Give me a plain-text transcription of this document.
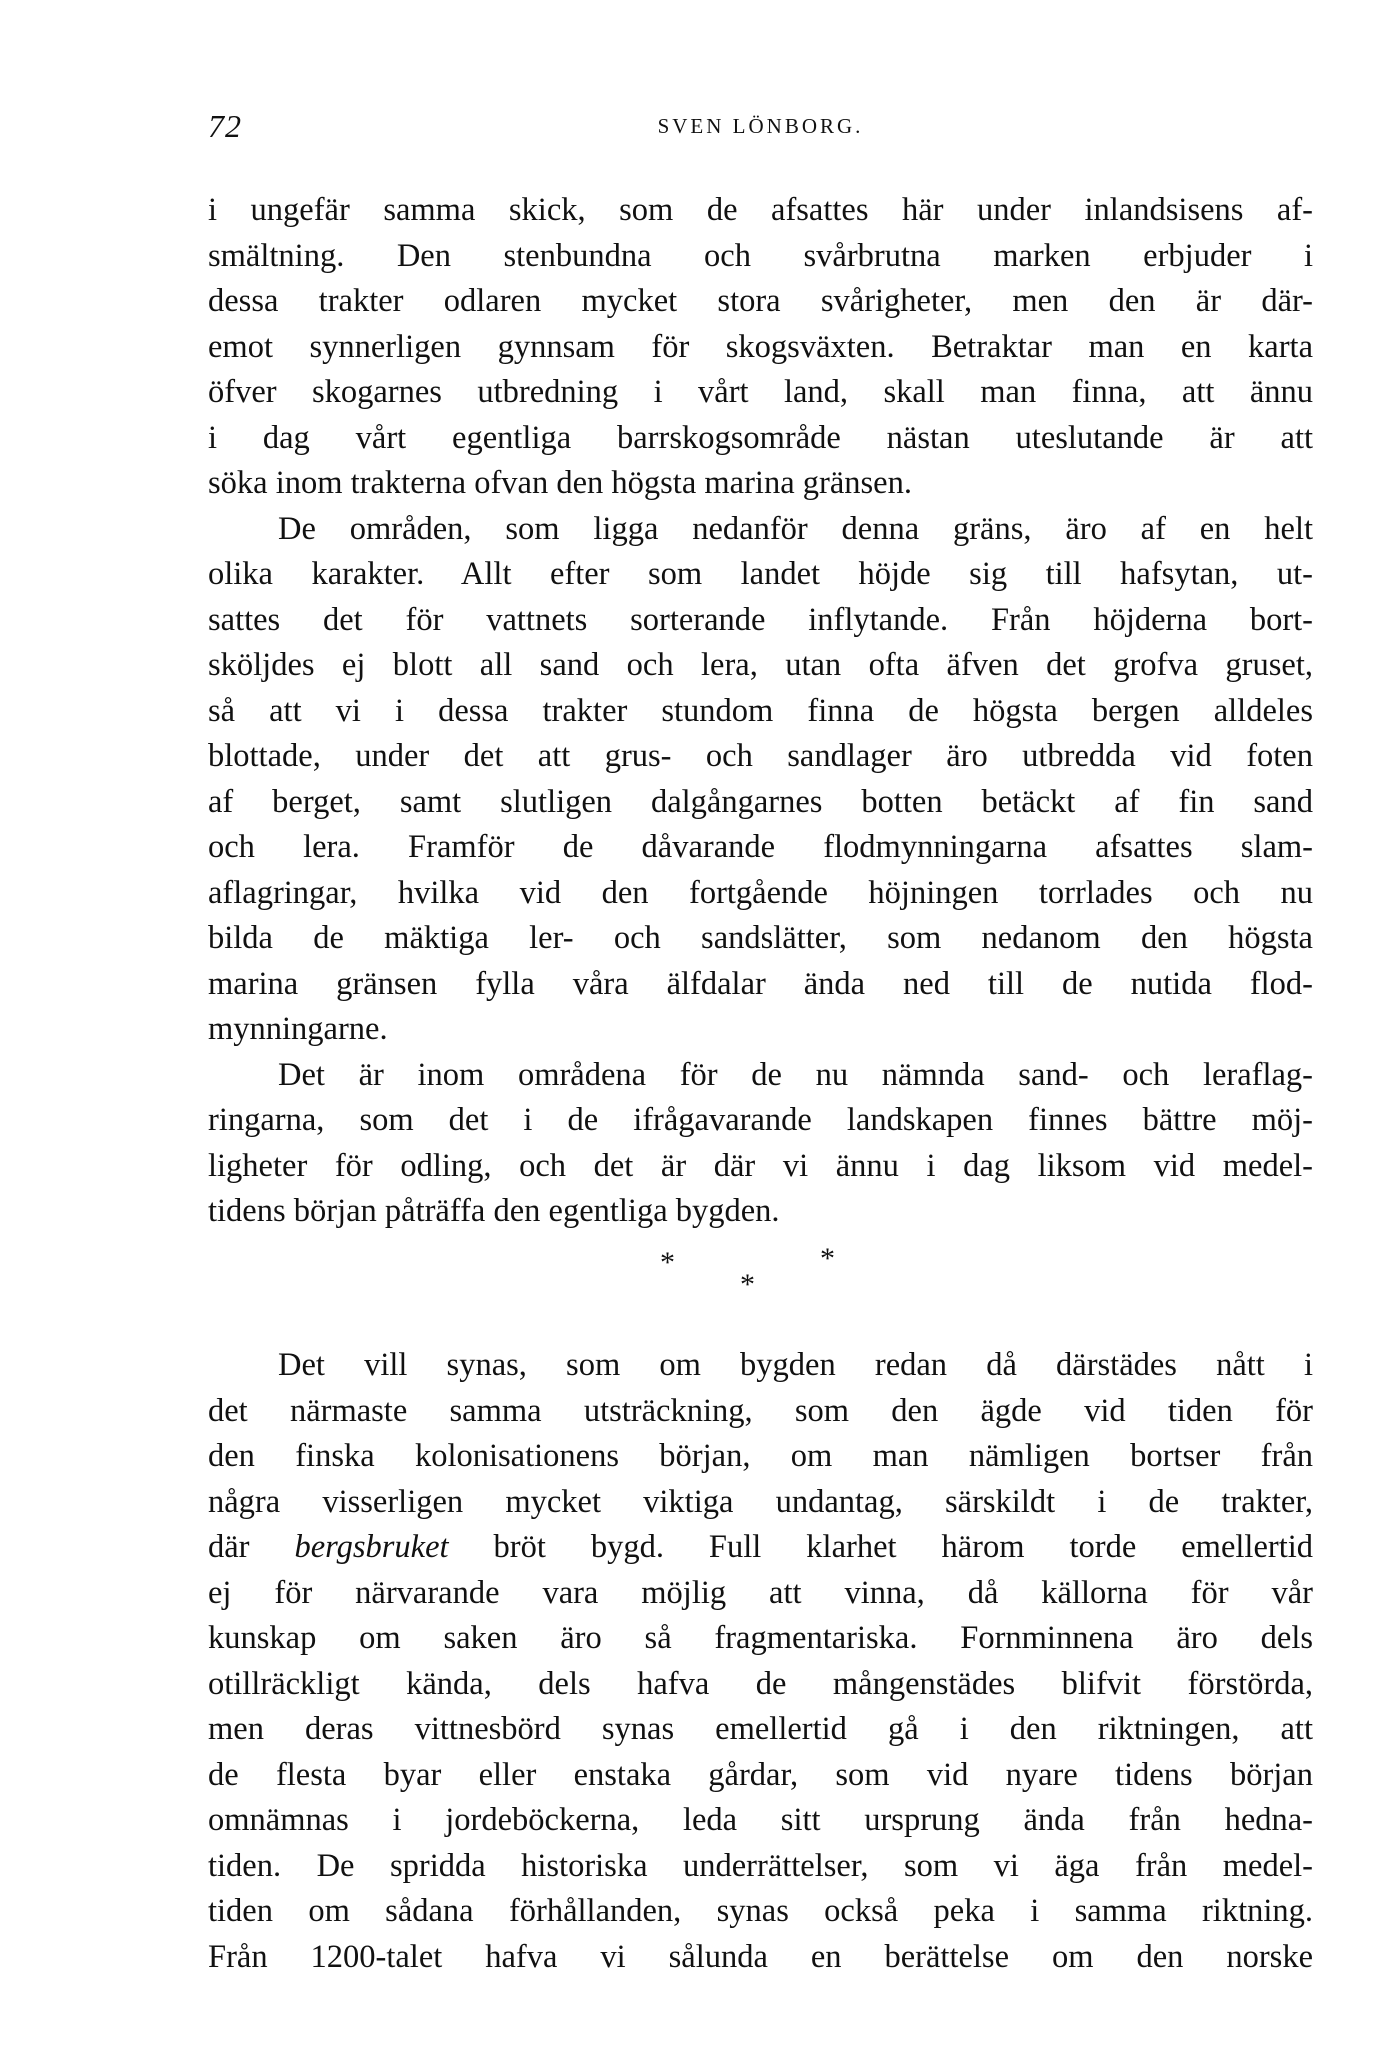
72	SVEN LÖNBORG.
i ungefär samma skick, som de afsattes här under inlandsisens af-
smältning. Den stenbundna och svårbrutna marken erbjuder i
dessa trakter odlaren mycket stora svårigheter, men den är där-
emot synnerligen gynnsam för skogsväxten. Betraktar man en karta
öfver skogarnes utbredning i vårt land, skall man finna, att ännu
i dag vårt egentliga barrskogsområde nästan uteslutande är att
söka inom trakterna ofvan den högsta marina gränsen.
De områden, som ligga nedanför denna gräns, äro af en helt
olika karakter. Allt efter som landet höjde sig till hafsytan, ut-
sattes det för vattnets sorterande inflytande. Från höjderna bort-
sköljdes ej blott all sand och lera, utan ofta äfven det grofva gruset,
så att vi i dessa trakter stundom finna de högsta bergen alldeles
blottade, under det att grus- och sandlager äro utbredda vid foten
af berget, samt slutligen dalgångarnes botten betäckt af fin sand
och lera. Framför de dåvarande flodmynningarna afsattes slam-
aflagringar, hvilka vid den fortgående höjningen torrlades och nu
bilda de mäktiga ler- och sandslätter, som nedanom den högsta
marina gränsen fylla våra älfdalar ända ned till de nutida flod-
mynningarne.
Det är inom områdena för de nu nämnda sand- och leraflag-
ringarna, som det i de ifrågavarande landskapen finnes bättre möj-
ligheter för odling, och det är där vi ännu i dag liksom vid medel-
tidens början påträffa den egentliga bygden.
*
*
*
Det vill synas, som om bygden redan då därstädes nått i
det närmaste samma utsträckning, som den ägde vid tiden för
den finska kolonisationens början, om man nämligen bortser från
några visserligen mycket viktiga undantag, särskildt i de trakter,
där bergsbruket bröt bygd. Full klarhet härom torde emellertid
ej för närvarande vara möjlig att vinna, då källorna för vår
kunskap om saken äro så fragmentariska. Fornminnena äro dels
otillräckligt kända, dels hafva de mångenstädes blifvit förstörda,
men deras vittnesbörd synas emellertid gå i den riktningen, att
de flesta byar eller enstaka gårdar, som vid nyare tidens början
omnämnas i jordeböckerna, leda sitt ursprung ända från hedna-
tiden. De spridda historiska underrättelser, som vi äga från medel-
tiden om sådana förhållanden, synas också peka i samma riktning.
Från 1200-talet hafva vi sålunda en berättelse om den norske
